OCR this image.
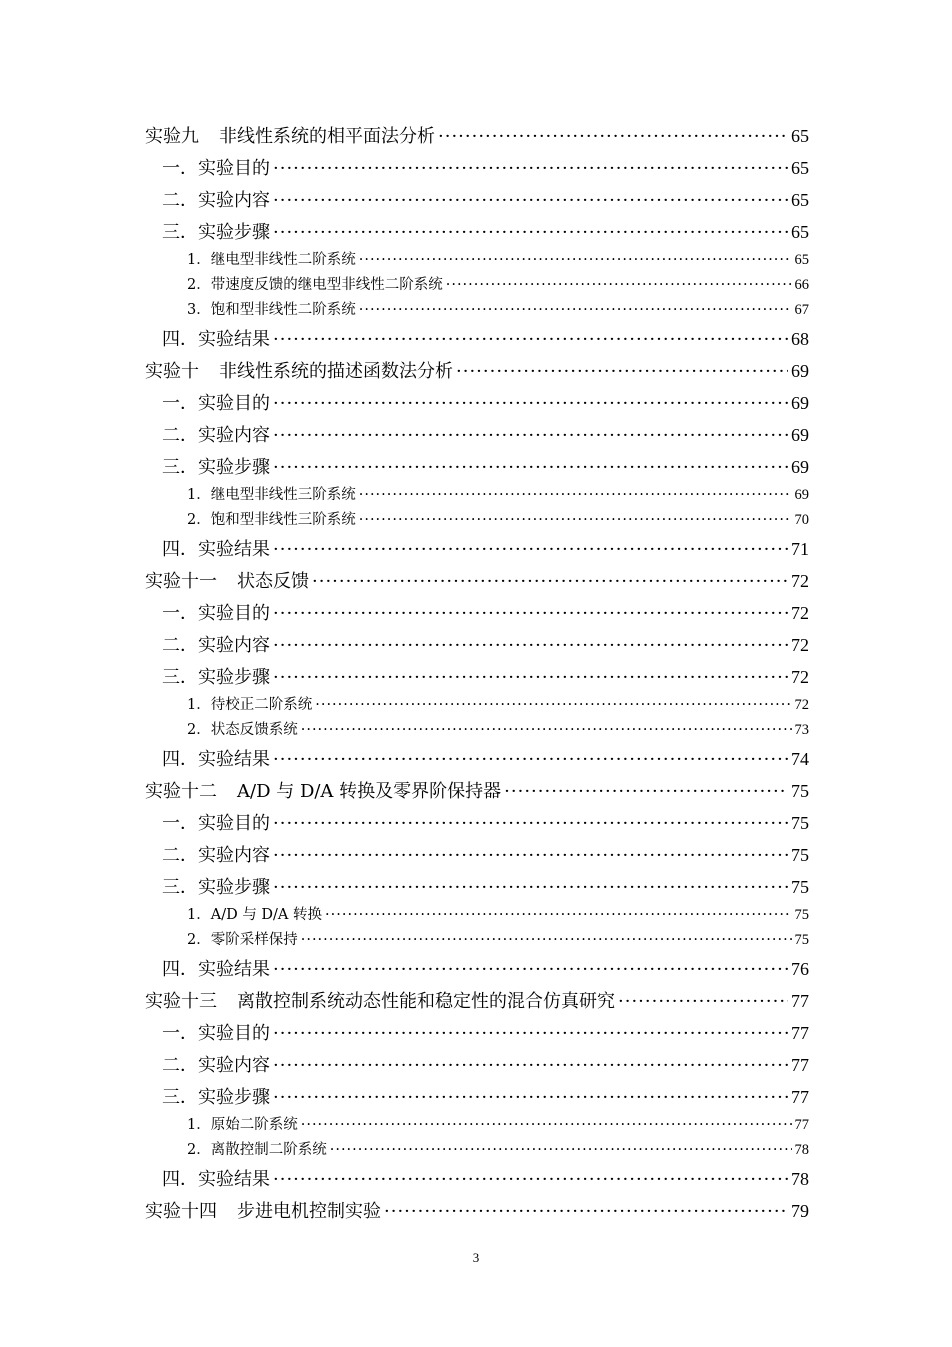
实验九 非线性系统的相平面法分析 ·····	65
一．实验目的 ·····	65
二．实验内容 ·····	65
三．实验步骤 ·····	65
1．继电型非线性二阶系统 ·····	65
2．带速度反馈的继电型非线性二阶系统 ·····	66
3．饱和型非线性二阶系统 ·····	67
四．实验结果 ·····	68
实验十 非线性系统的描述函数法分析 ·····	69
一．实验目的 ·····	69
二．实验内容 ·····	69
三．实验步骤 ·····	69
1．继电型非线性三阶系统 ·····	69
2．饱和型非线性三阶系统 ·····	70
四．实验结果 ·····	71
实验十一 状态反馈 ·····	72
一．实验目的 ·····	72
二．实验内容 ·····	72
三．实验步骤 ·····	72
1．待校正二阶系统 ·····	72
2．状态反馈系统 ·····	73
四．实验结果 ·····	74
实验十二 A/D 与 D/A 转换及零界阶保持器 ·····	75
一．实验目的 ·····	75
二．实验内容 ·····	75
三．实验步骤 ·····	75
1．A/D 与 D/A 转换 ·····	75
2．零阶采样保持 ·····	75
四．实验结果 ·····	76
实验十三 离散控制系统动态性能和稳定性的混合仿真研究 ·····	77
一．实验目的 ·····	77
二．实验内容 ·····	77
三．实验步骤 ·····	77
1．原始二阶系统 ·····	77
2．离散控制二阶系统 ·····	78
四．实验结果 ·····	78
实验十四 步进电机控制实验 ·····	79
3
